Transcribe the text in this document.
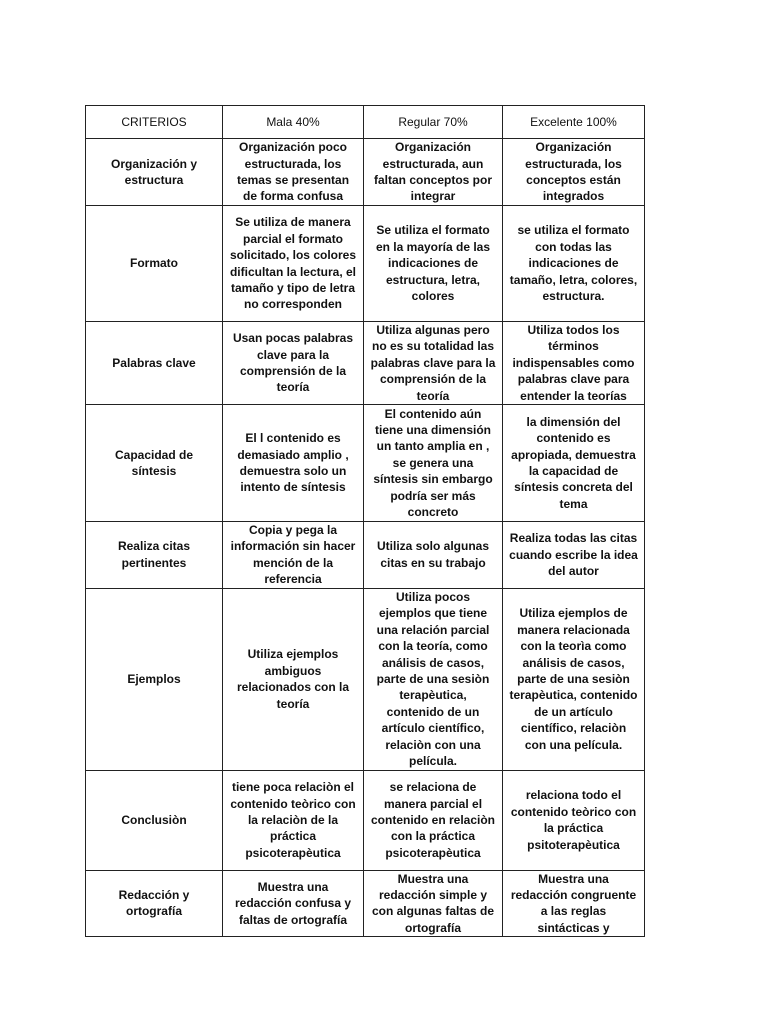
CRITERIOS	Mala 40%	Regular 70%	Excelente 100%
Organización y estructura	Organización poco estructurada, los temas se presentan de forma confusa	Organización estructurada, aun faltan conceptos por integrar	Organización estructurada, los conceptos están integrados
Formato	Se utiliza de manera parcial el formato solicitado, los colores dificultan la lectura, el tamaño y tipo de letra no corresponden	Se utiliza el formato en la mayoría de las indicaciones de estructura, letra, colores	se utiliza el formato con todas las indicaciones de tamaño, letra, colores, estructura.
Palabras clave	Usan pocas palabras clave para la comprensión de la teoría	Utiliza algunas pero no es su totalidad las palabras clave para la comprensión de la teoría	Utiliza todos los términos indispensables como palabras clave para entender la teorías
Capacidad de síntesis	El l contenido es demasiado amplio , demuestra solo un intento de síntesis	El contenido aún tiene una dimensión un tanto amplia en , se genera una síntesis sin embargo podría ser más concreto	la dimensión del contenido es apropiada, demuestra la capacidad de síntesis concreta del tema
Realiza citas pertinentes	Copia y pega la información sin hacer mención de la referencia	Utiliza solo algunas citas en su trabajo	Realiza todas las citas cuando escribe la idea del autor
Ejemplos	Utiliza ejemplos ambiguos relacionados con la teoría	Utiliza pocos ejemplos que tiene una relación parcial con la teoría, como análisis de casos, parte de una sesiòn terapèutica, contenido de un artículo científico, relaciòn con una película.	Utiliza ejemplos de manera relacionada con la teorìa como análisis de casos, parte de una sesiòn terapèutica, contenido de un artículo científico, relaciòn con una película.
Conclusiòn	tiene poca relaciòn el contenido teòrico con la relaciòn de la práctica psicoterapèutica	se relaciona de manera parcial el contenido en relaciòn con la práctica psicoterapèutica	relaciona todo el contenido teòrico con la práctica psitoterapèutica
Redacción y ortografía	Muestra una redacción confusa y faltas de ortografía	Muestra una redacción simple y con algunas faltas de ortografía	Muestra una redacción congruente a las reglas sintácticas y
